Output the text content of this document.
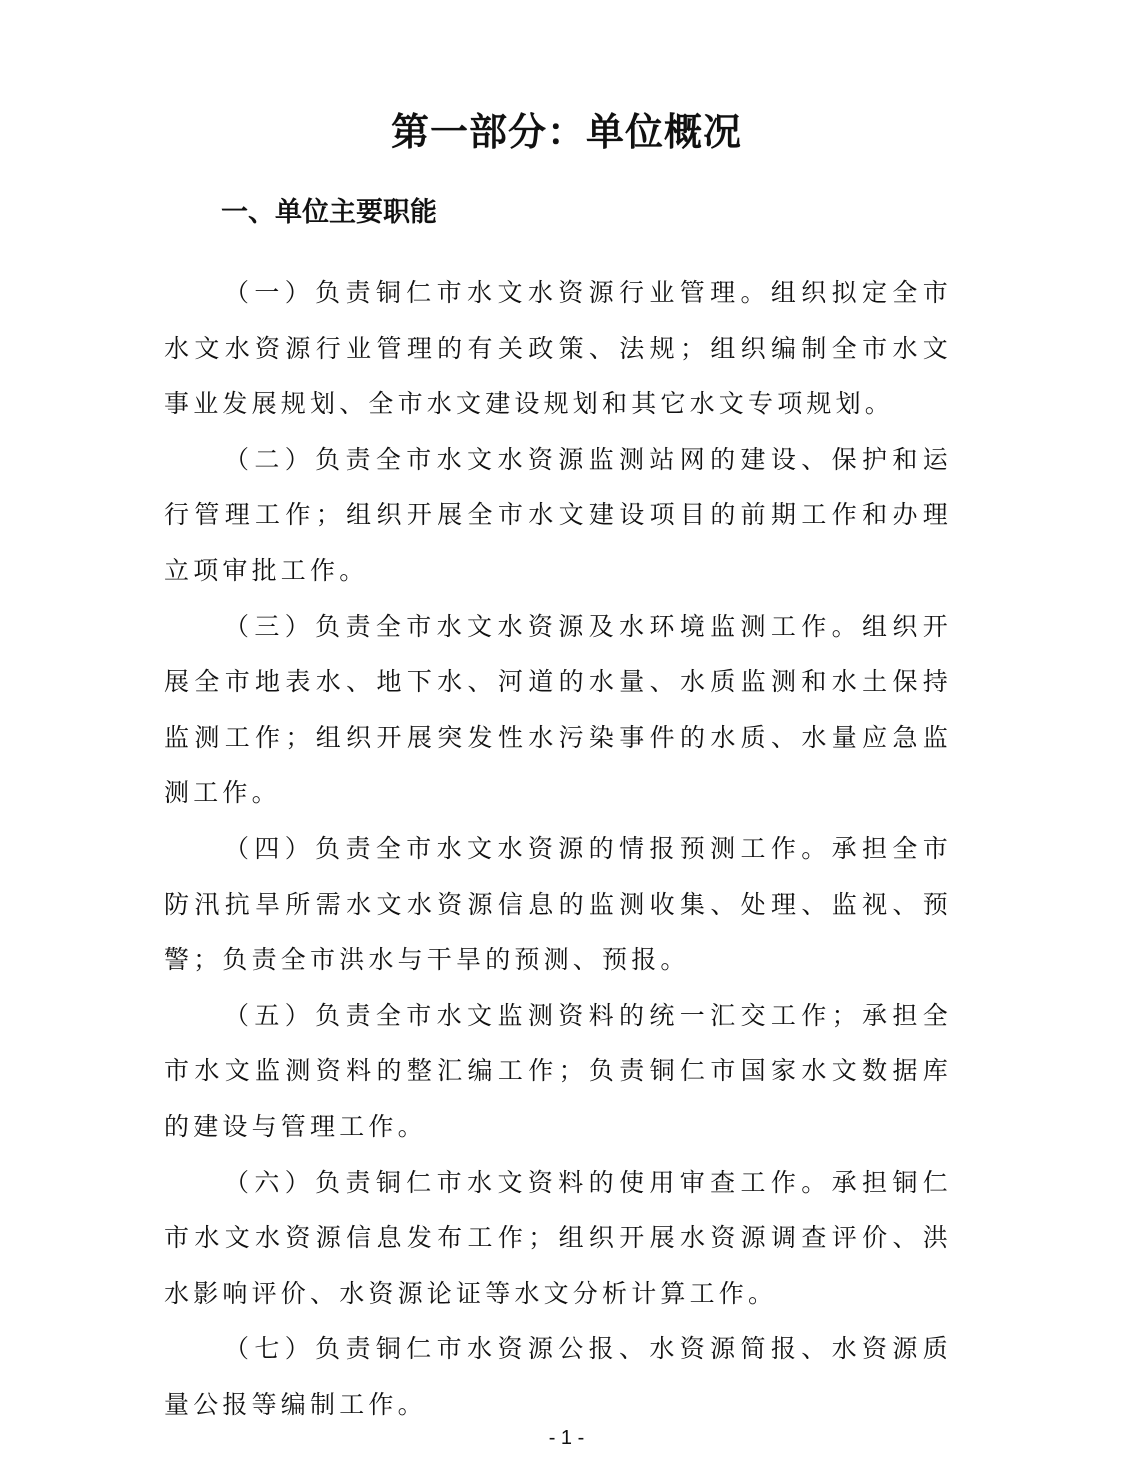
第一部分：单位概况
一、单位主要职能

（一）负责铜仁市水文水资源行业管理。组织拟定全市水文水资源行业管理的有关政策、法规；组织编制全市水文事业发展规划、全市水文建设规划和其它水文专项规划。

（二）负责全市水文水资源监测站网的建设、保护和运行管理工作；组织开展全市水文建设项目的前期工作和办理立项审批工作。

（三）负责全市水文水资源及水环境监测工作。组织开展全市地表水、地下水、河道的水量、水质监测和水土保持监测工作；组织开展突发性水污染事件的水质、水量应急监测工作。

（四）负责全市水文水资源的情报预测工作。承担全市防汛抗旱所需水文水资源信息的监测收集、处理、监视、预警；负责全市洪水与干旱的预测、预报。

（五）负责全市水文监测资料的统一汇交工作；承担全市水文监测资料的整汇编工作；负责铜仁市国家水文数据库的建设与管理工作。

（六）负责铜仁市水文资料的使用审查工作。承担铜仁市水文水资源信息发布工作；组织开展水资源调查评价、洪水影响评价、水资源论证等水文分析计算工作。

（七）负责铜仁市水资源公报、水资源简报、水资源质量公报等编制工作。

- 1 -
